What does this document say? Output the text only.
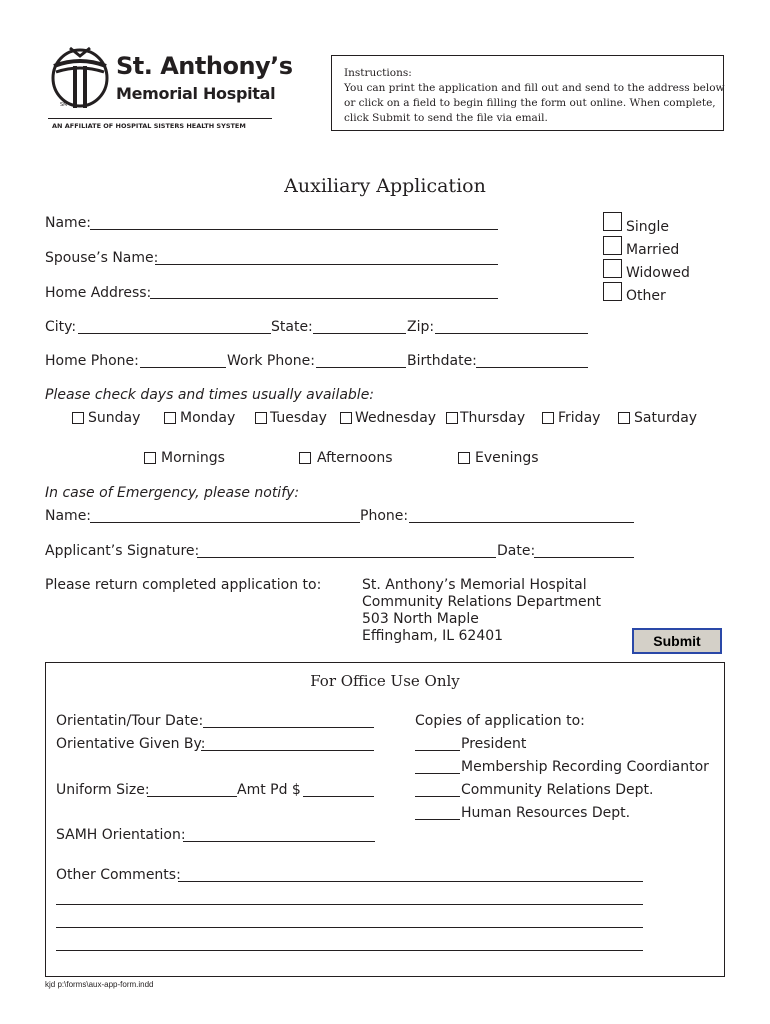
SM
St. Anthony’s
Memorial Hospital
AN AFFILIATE OF HOSPITAL SISTERS HEALTH SYSTEM
Instructions:
You can print the application and fill out and send to the address below
or click on a field to begin filling the form out online. When complete,
click Submit to send the file via email.
Auxiliary Application
Name:
Spouse’s Name:
Home Address:
City:	State:	Zip:
Home Phone:	Work Phone:	Birthdate:
Single
Married
Widowed
Other
Please check days and times usually available:
Sunday	Monday Tuesday Wednesday Thursday Friday Saturday
Mornings	Afternoons	Evenings
In case of Emergency, please notify:
Name:	Phone:
Applicant’s Signature:	Date:
Please return completed application to:	St. Anthony’s Memorial Hospital
Community Relations Department
503 North Maple
Effingham, IL 62401	Submit
For Office Use Only
Orientatin/Tour Date:
Orientative Given By:
Uniform Size:	Amt Pd $
SAMH Orientation:
Copies of application to:
President
Membership Recording Coordiantor
Community Relations Dept.
Human Resources Dept.
Other Comments:
kjd p:\forms\aux-app-form.indd
